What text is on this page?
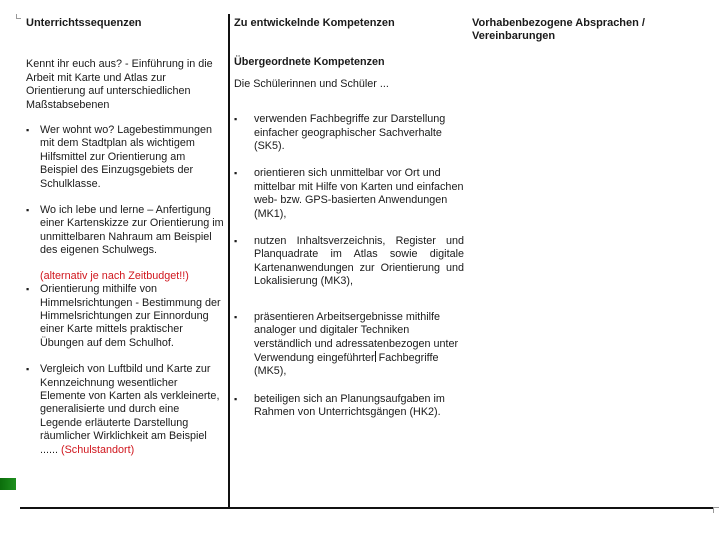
Unterrichtssequenzen

Kennt ihr euch aus? - Einführung in die Arbeit mit Karte und Atlas zur Orientierung auf unterschiedlichen Maßstabsebenen

▪ Wer wohnt wo? Lagebestimmungen mit dem Stadtplan als wichtigem Hilfsmittel zur Orientierung am Beispiel des Einzugsgebiets der Schulklasse.
▪ Wo ich lebe und lerne – Anfertigung einer Kartenskizze zur Orientierung im unmittelbaren Nahraum am Beispiel des eigenen Schulwegs.

(alternativ je nach Zeitbudget!!)

▪ Orientierung mithilfe von Himmelsrichtungen - Bestimmung der Himmelsrichtungen zur Einnordung einer Karte mittels praktischer Übungen auf dem Schulhof.
▪ Vergleich von Luftbild und Karte zur Kennzeichnung wesentlicher Elemente von Karten als verkleinerte, generalisierte und durch eine Legende erläuterte Darstellung räumlicher Wirklichkeit am Beispiel ...... (Schulstandort)

Zu entwickelnde Kompetenzen

Übergeordnete Kompetenzen

Die Schülerinnen und Schüler ...

▪ verwenden Fachbegriffe zur Darstellung einfacher geographischer Sachverhalte (SK5).
▪ orientieren sich unmittelbar vor Ort und mittelbar mit Hilfe von Karten und einfachen web- bzw. GPS-basierten Anwendungen (MK1),
▪ nutzen Inhaltsverzeichnis, Register und Planquadrate im Atlas sowie digitale Kartenanwendungen zur Orientierung und Lokalisierung (MK3),
▪ präsentieren Arbeitsergebnisse mithilfe analoger und digitaler Techniken verständlich und adressatenbezogen unter Verwendung eingeführter Fachbegriffe (MK5),
▪ beteiligen sich an Planungsaufgaben im Rahmen von Unterrichtsgängen (HK2).

Vorhabenbezogene Absprachen / Vereinbarungen
